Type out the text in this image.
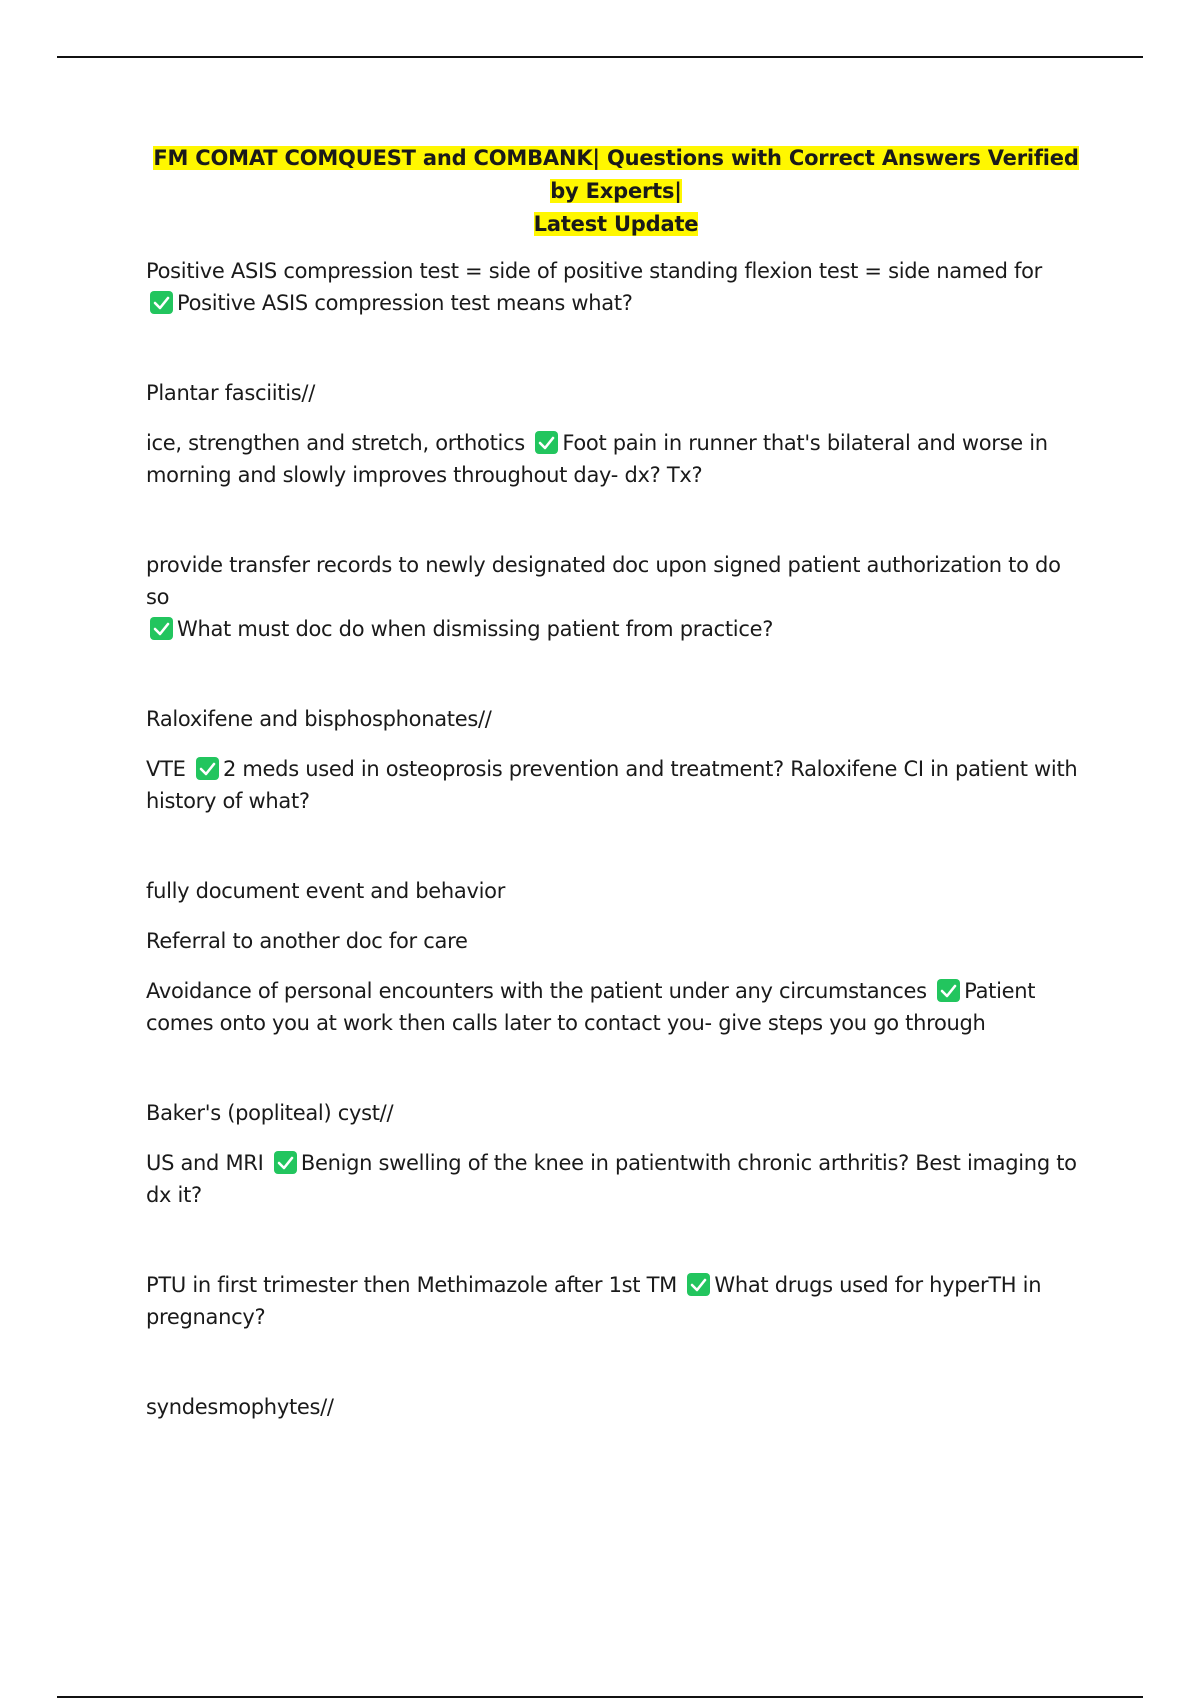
FM COMAT COMQUEST and COMBANK| Questions with Correct Answers Verified by Experts|
Latest Update

Positive ASIS compression test = side of positive standing flexion test = side named for

Positive ASIS compression test means what?

Plantar fasciitis//

ice, strengthen and stretch, orthotics Foot pain in runner that's bilateral and worse in morning and slowly improves throughout day- dx? Tx?

provide transfer records to newly designated doc upon signed patient authorization to do so

What must doc do when dismissing patient from practice?

Raloxifene and bisphosphonates//

VTE 2 meds used in osteoprosis prevention and treatment? Raloxifene CI in patient with history of what?

fully document event and behavior

Referral to another doc for care

Avoidance of personal encounters with the patient under any circumstances Patient comes onto you at work then calls later to contact you- give steps you go through

Baker's (popliteal) cyst//

US and MRI Benign swelling of the knee in patientwith chronic arthritis? Best imaging to dx it?

PTU in first trimester then Methimazole after 1st TM What drugs used for hyperTH in pregnancy?

syndesmophytes//
